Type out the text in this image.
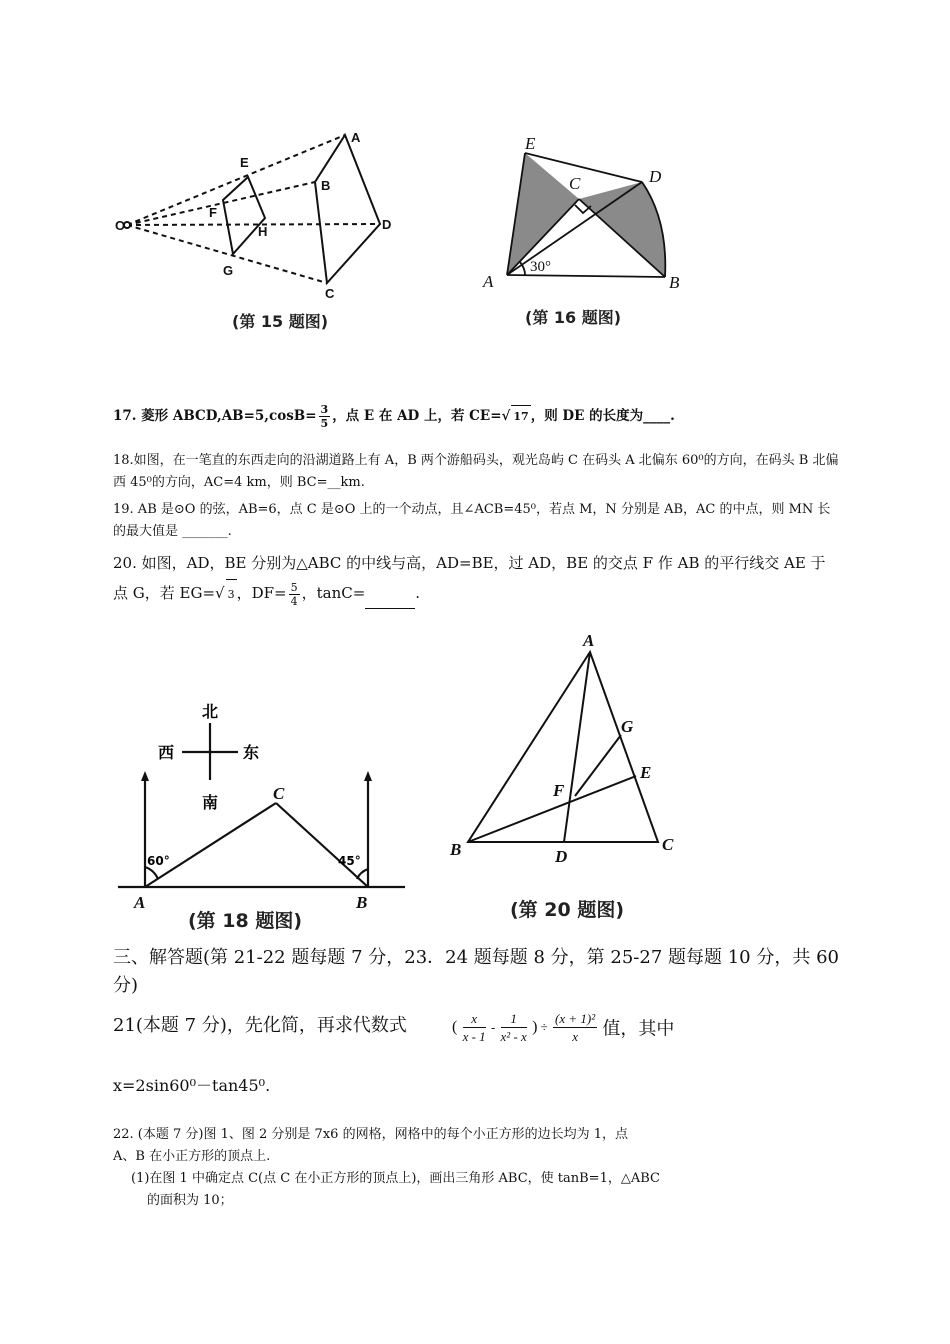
O
A
B
C
D
E
F
G
H
(第 15 题图)
A	B
C	D
E
30°
(第 16 题图)
17. 菱形 ABCD,AB=5,cosB= $\frac{3}{5}$ ，点 E 在 AD 上，若 CE=√ 17 ，则 DE 的长度为____.
18.如图，在一笔直的东西走向的沿湖道路上有 A，B 两个游船码头，观光岛屿 C 在码头 A 北偏东 60⁰的方向，在码头 B 北偏西 45⁰的方向，AC=4 km，则 BC=__km.
19. AB 是⊙O 的弦，AB=6，点 C 是⊙O 上的一个动点，且∠ACB=45⁰，若点 M，N 分别是 AB，AC 的中点，则 MN 长的最大值是 _______.
20. 如图，AD，BE 分别为△ABC 的中线与高，AD=BE，过 AD，BE 的交点 F 作 AB 的平行线交 AE 于
点 G，若 EG=√ 3 ，$DF= \frac{5}{4}$ ，tanC=	.
北
南
西	东
A	B
C
60°	45°
(第 18 题图)
A
B	C
D
E
F
G
(第 20 题图)
三、解答题(第 21-22 题每题 7 分，23．24 题每题 8 分，第 25-27 题每题 10 分，共 60 分)
21(本题 7 分)，先化简，再求代数式	( $\frac{x}{x - 1} - \frac{1}{\text{x² - x}}$ ) ÷ $\frac{\text{(x + 1)²}}{x}$ 值，其中
x=2sin60⁰－tan45⁰.
22. (本题 7 分)图 1、图 2 分别是 7x6 的网格，网格中的每个小正方形的边长均为 1，点
A、B 在小正方形的顶点上.
(1)在图 1 中确定点 C(点 C 在小正方形的顶点上)，画出三角形 ABC，使 tanB=1，△ABC
的面积为 10；
